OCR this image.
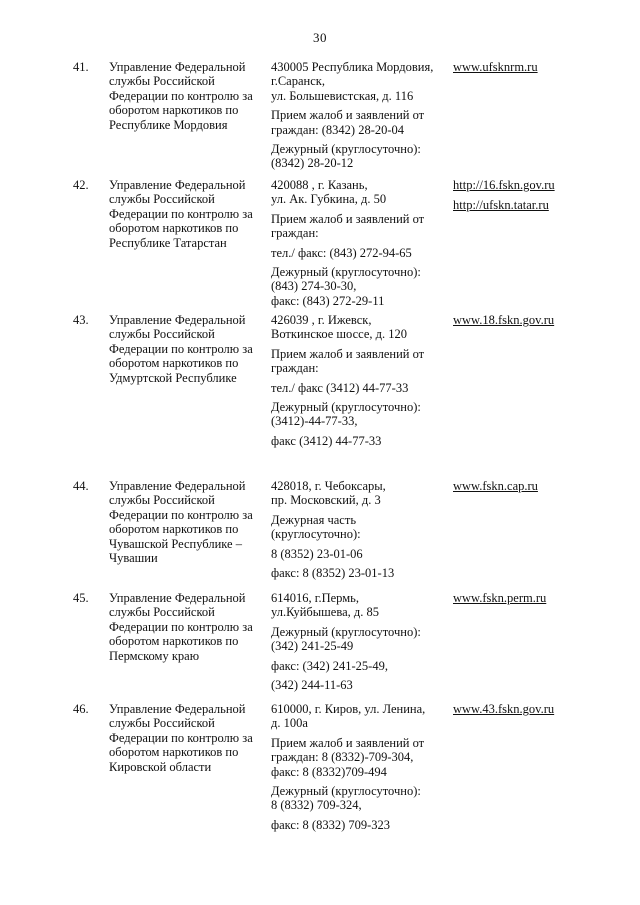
30
41. Управление Федеральной
службы Российской
Федерации по контролю за
оборотом наркотиков по
Республике Мордовия
430005 Республика Мордовия,
г.Саранск,
ул. Большевистская, д. 116
Прием жалоб и заявлений от
граждан: (8342) 28-20-04
Дежурный (круглосуточно):
(8342) 28-20-12
www.ufsknrm.ru
42. Управление Федеральной
службы Российской
Федерации по контролю за
оборотом наркотиков по
Республике Татарстан
420088 , г. Казань,
ул. Ак. Губкина, д. 50
Прием жалоб и заявлений от
граждан:
тел./ факс: (843) 272-94-65
Дежурный (круглосуточно):
(843) 274-30-30,
факс: (843) 272-29-11
http://16.fskn.gov.ru
http://ufskn.tatar.ru
43. Управление Федеральной
службы Российской
Федерации по контролю за
оборотом наркотиков по
Удмуртской Республике
426039 , г. Ижевск,
Воткинское шоссе, д. 120
Прием жалоб и заявлений от
граждан:
тел./ факс (3412) 44-77-33
Дежурный (круглосуточно):
(3412)-44-77-33,
факс (3412) 44-77-33
www.18.fskn.gov.ru
44. Управление Федеральной
службы Российской
Федерации по контролю за
оборотом наркотиков по
Чувашской Республике –
Чувашии
428018, г. Чебоксары,
пр. Московский, д. 3
Дежурная часть
(круглосуточно):
8 (8352) 23-01-06
факс: 8 (8352) 23-01-13
www.fskn.cap.ru
45. Управление Федеральной
службы Российской
Федерации по контролю за
оборотом наркотиков по
Пермскому краю
614016, г.Пермь,
ул.Куйбышева, д. 85
Дежурный (круглосуточно):
(342) 241-25-49
факс: (342) 241-25-49,
(342) 244-11-63
www.fskn.perm.ru
46. Управление Федеральной
службы Российской
Федерации по контролю за
оборотом наркотиков по
Кировской области
610000, г. Киров, ул. Ленина,
д. 100а
Прием жалоб и заявлений от
граждан: 8 (8332)-709-304,
факс: 8 (8332)709-494
Дежурный (круглосуточно):
8 (8332) 709-324,
факс: 8 (8332) 709-323
www.43.fskn.gov.ru
